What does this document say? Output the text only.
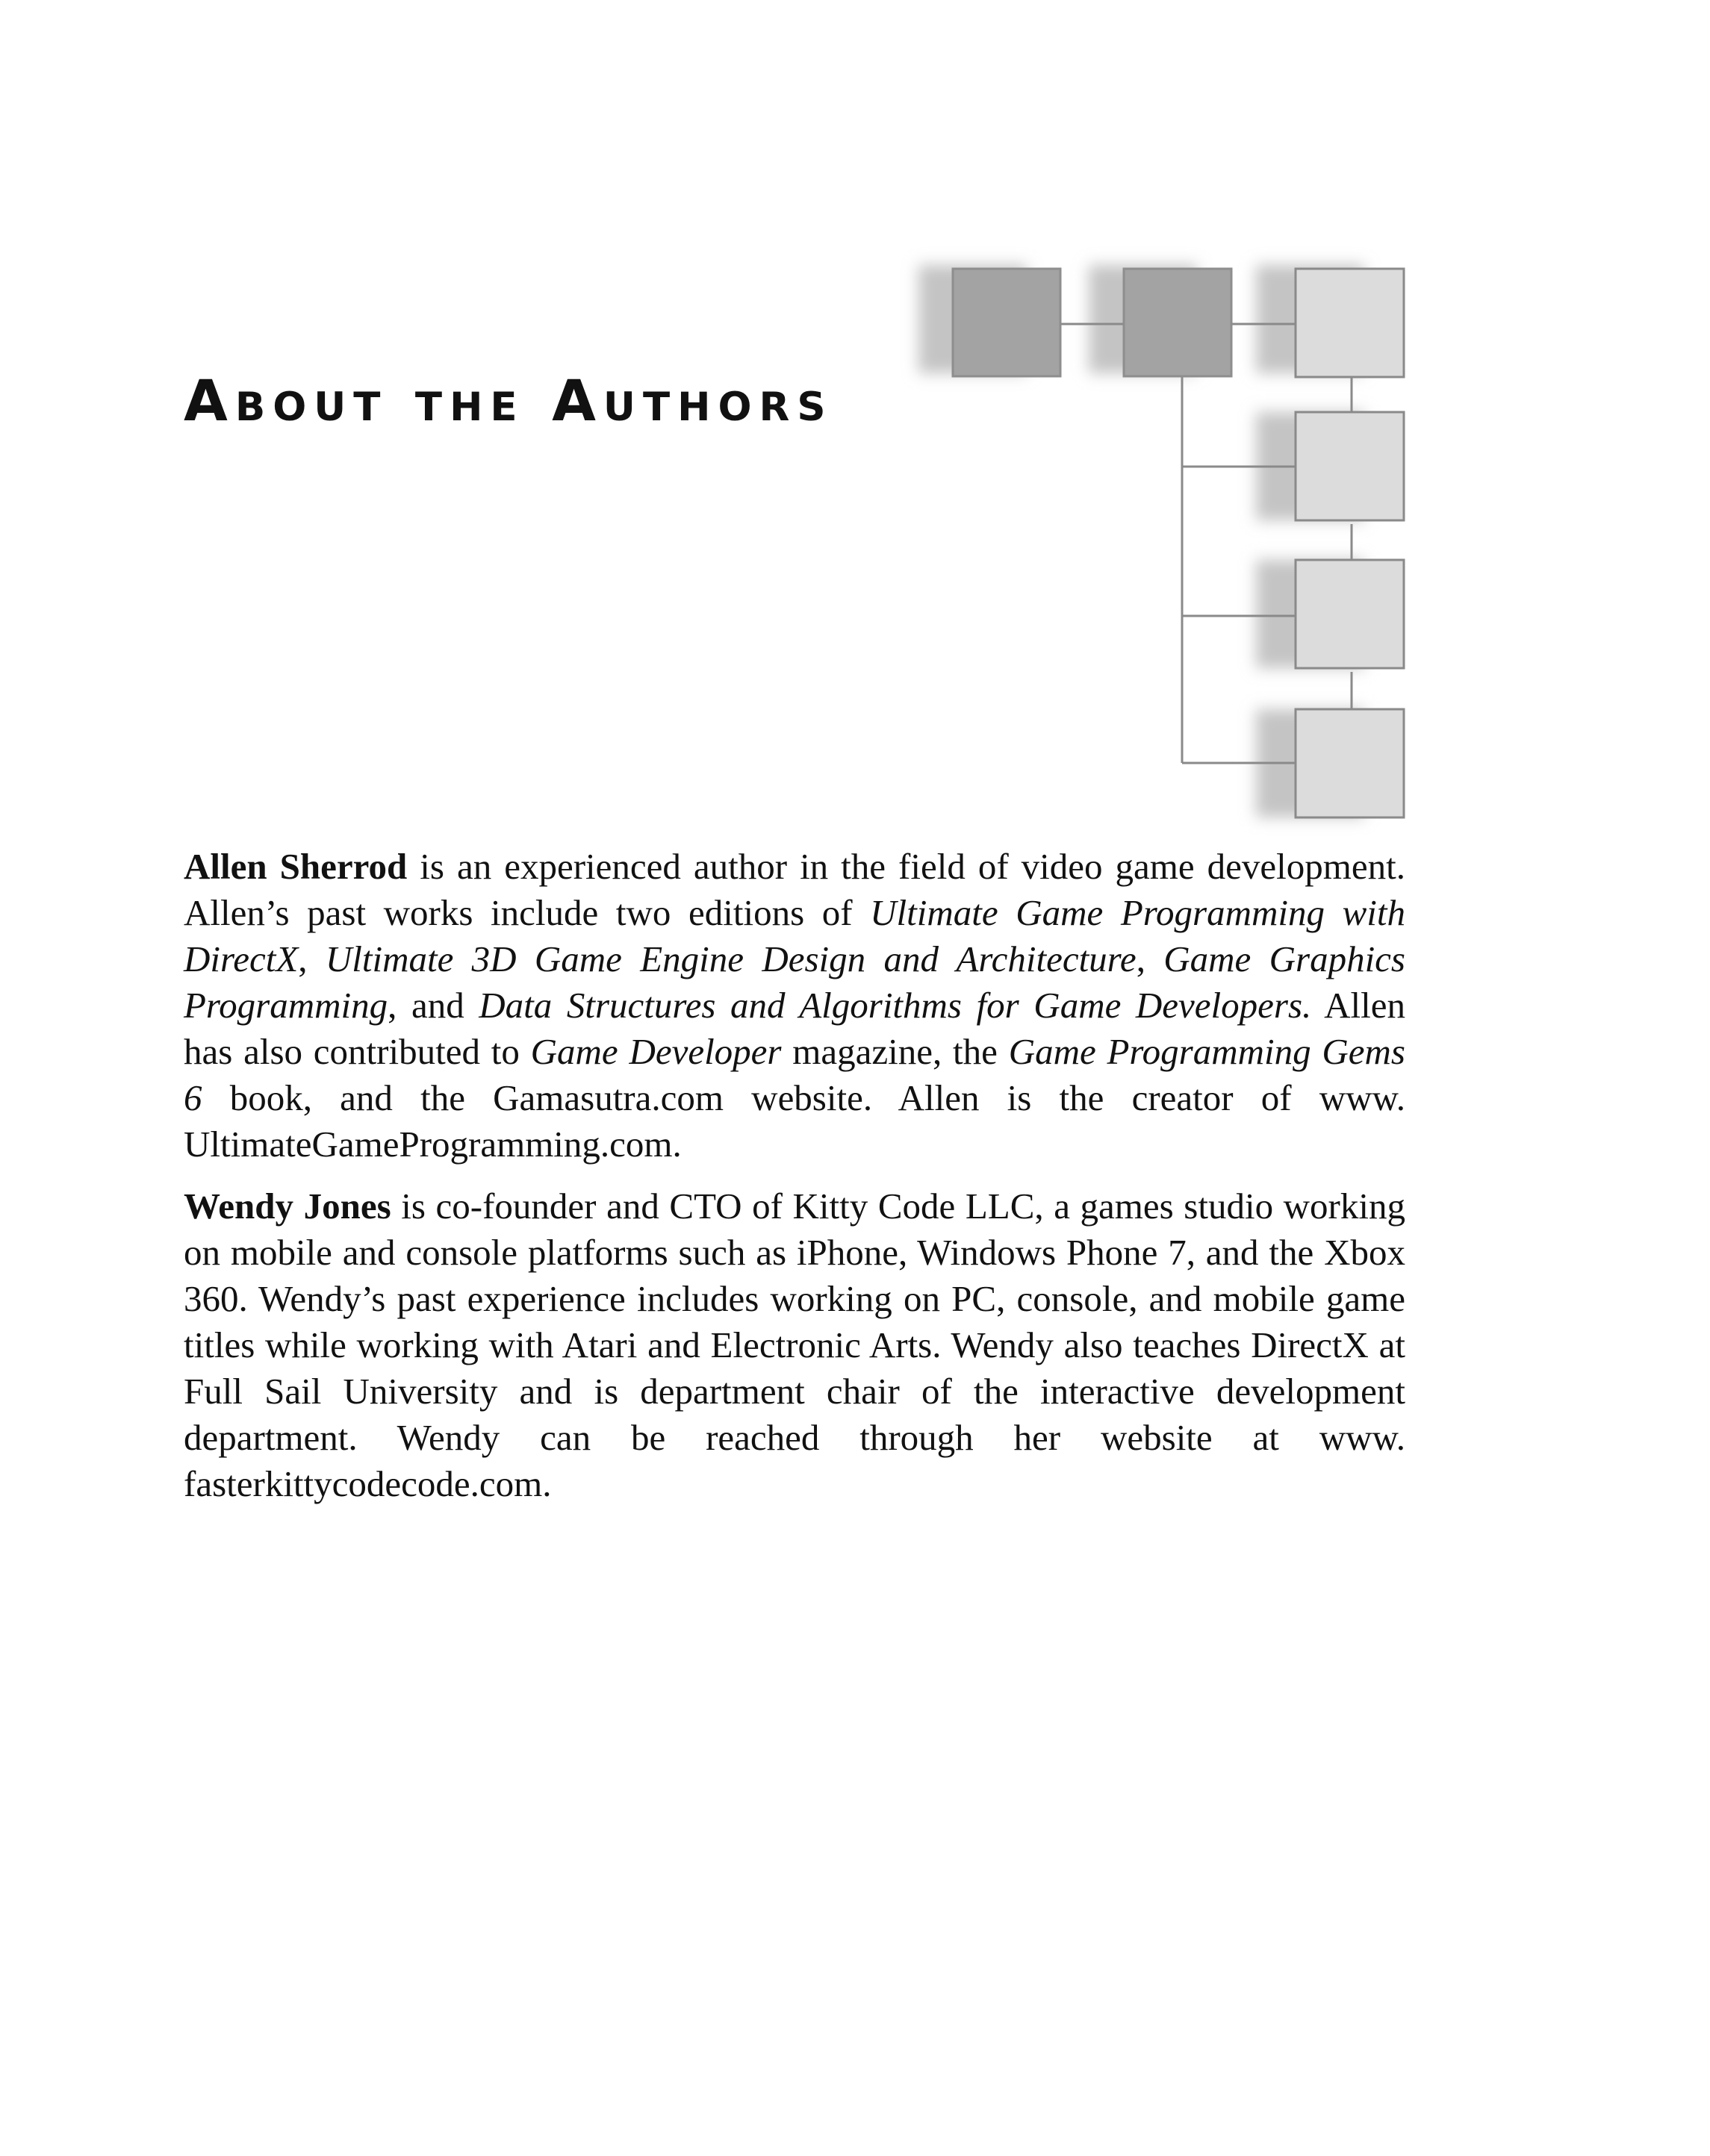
About the Authors

Allen Sherrod is an experienced author in the field of video game development. Allen’s past works include two editions of Ultimate Game Programming with DirectX, Ultimate 3D Game Engine Design and Architecture, Game Graphics Programming, and Data Structures and Algorithms for Game Developers. Allen has also contributed to Game Developer magazine, the Game Programming Gems 6 book, and the Gamasutra.com website. Allen is the creator of www. UltimateGameProgramming.com.

Wendy Jones is co-founder and CTO of Kitty Code LLC, a games studio working on mobile and console platforms such as iPhone, Windows Phone 7, and the Xbox 360. Wendy’s past experience includes working on PC, console, and mobile game titles while working with Atari and Electronic Arts. Wendy also teaches DirectX at Full Sail University and is department chair of the interactive development department. Wendy can be reached through her website at www. fasterkittycodecode.com.
